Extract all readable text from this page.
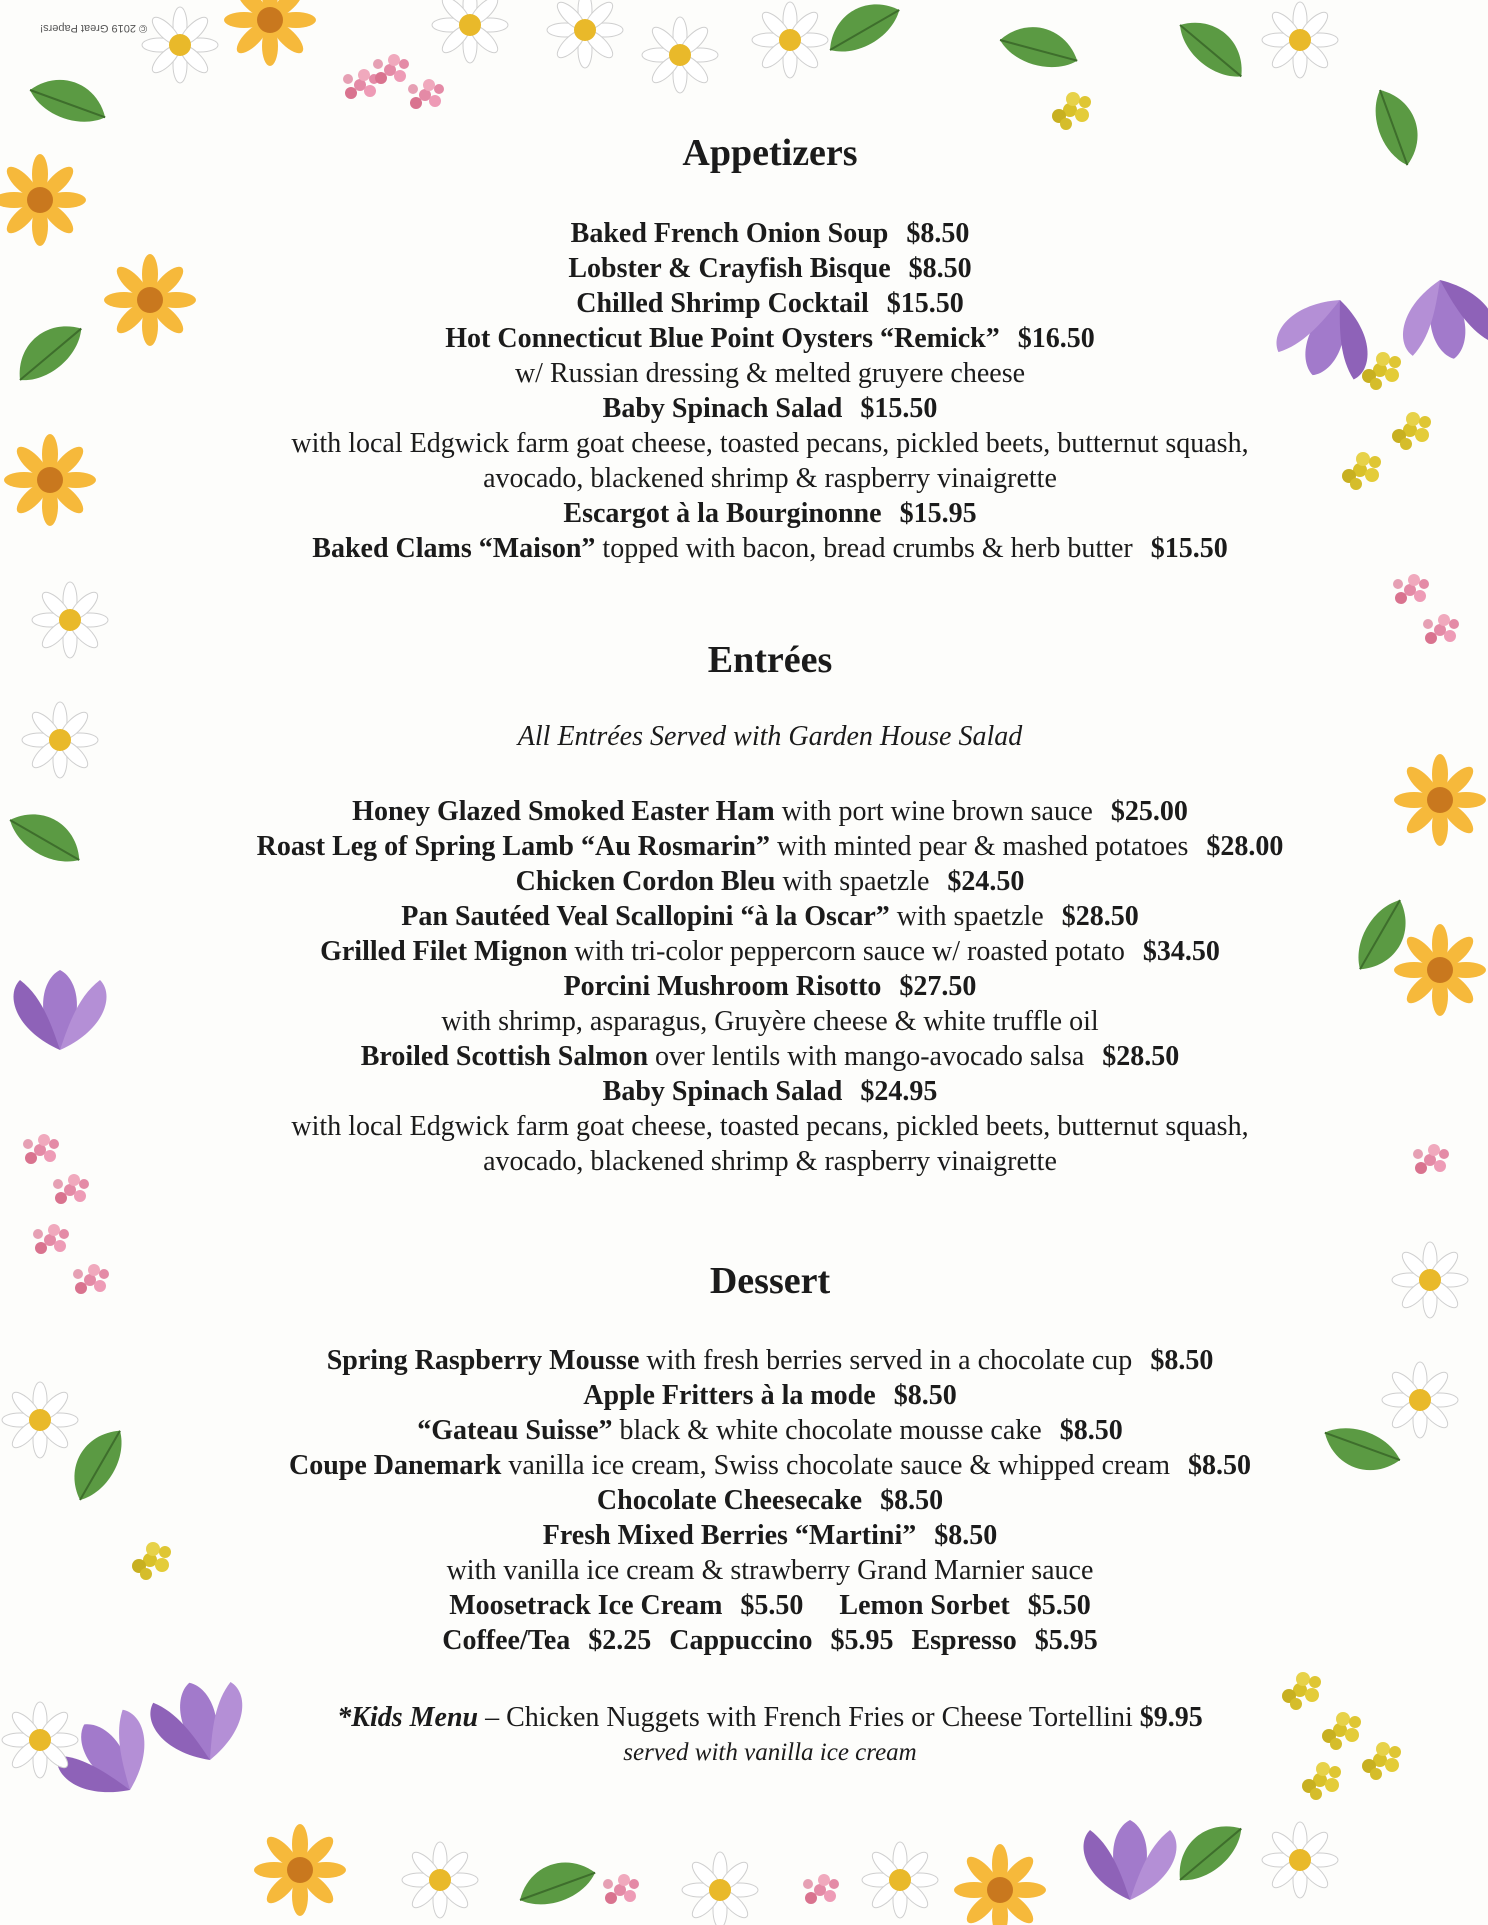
© 2019 Great Papers!
Appetizers
Baked French Onion Soup $8.50
Lobster & Crayfish Bisque $8.50
Chilled Shrimp Cocktail $15.50
Hot Connecticut Blue Point Oysters “Remick” $16.50
w/ Russian dressing & melted gruyere cheese
Baby Spinach Salad $15.50
with local Edgwick farm goat cheese, toasted pecans, pickled beets, butternut squash,
avocado, blackened shrimp & raspberry vinaigrette
Escargot à la Bourginonne $15.95
Baked Clams “Maison” topped with bacon, bread crumbs & herb butter $15.50
Entrées
All Entrées Served with Garden House Salad
Honey Glazed Smoked Easter Ham with port wine brown sauce $25.00
Roast Leg of Spring Lamb “Au Rosmarin” with minted pear & mashed potatoes $28.00
Chicken Cordon Bleu with spaetzle $24.50
Pan Sautéed Veal Scallopini “à la Oscar” with spaetzle $28.50
Grilled Filet Mignon with tri-color peppercorn sauce w/ roasted potato $34.50
Porcini Mushroom Risotto $27.50
with shrimp, asparagus, Gruyère cheese & white truffle oil
Broiled Scottish Salmon over lentils with mango-avocado salsa $28.50
Baby Spinach Salad $24.95
with local Edgwick farm goat cheese, toasted pecans, pickled beets, butternut squash,
avocado, blackened shrimp & raspberry vinaigrette
Dessert
Spring Raspberry Mousse with fresh berries served in a chocolate cup $8.50
Apple Fritters à la mode $8.50
“Gateau Suisse” black & white chocolate mousse cake $8.50
Coupe Danemark vanilla ice cream, Swiss chocolate sauce & whipped cream $8.50
Chocolate Cheesecake $8.50
Fresh Mixed Berries “Martini” $8.50
with vanilla ice cream & strawberry Grand Marnier sauce
Moosetrack Ice Cream $5.50 Lemon Sorbet $5.50
Coffee/Tea $2.25 Cappuccino $5.95 Espresso $5.95
*Kids Menu – Chicken Nuggets with French Fries or Cheese Tortellini $9.95
served with vanilla ice cream
